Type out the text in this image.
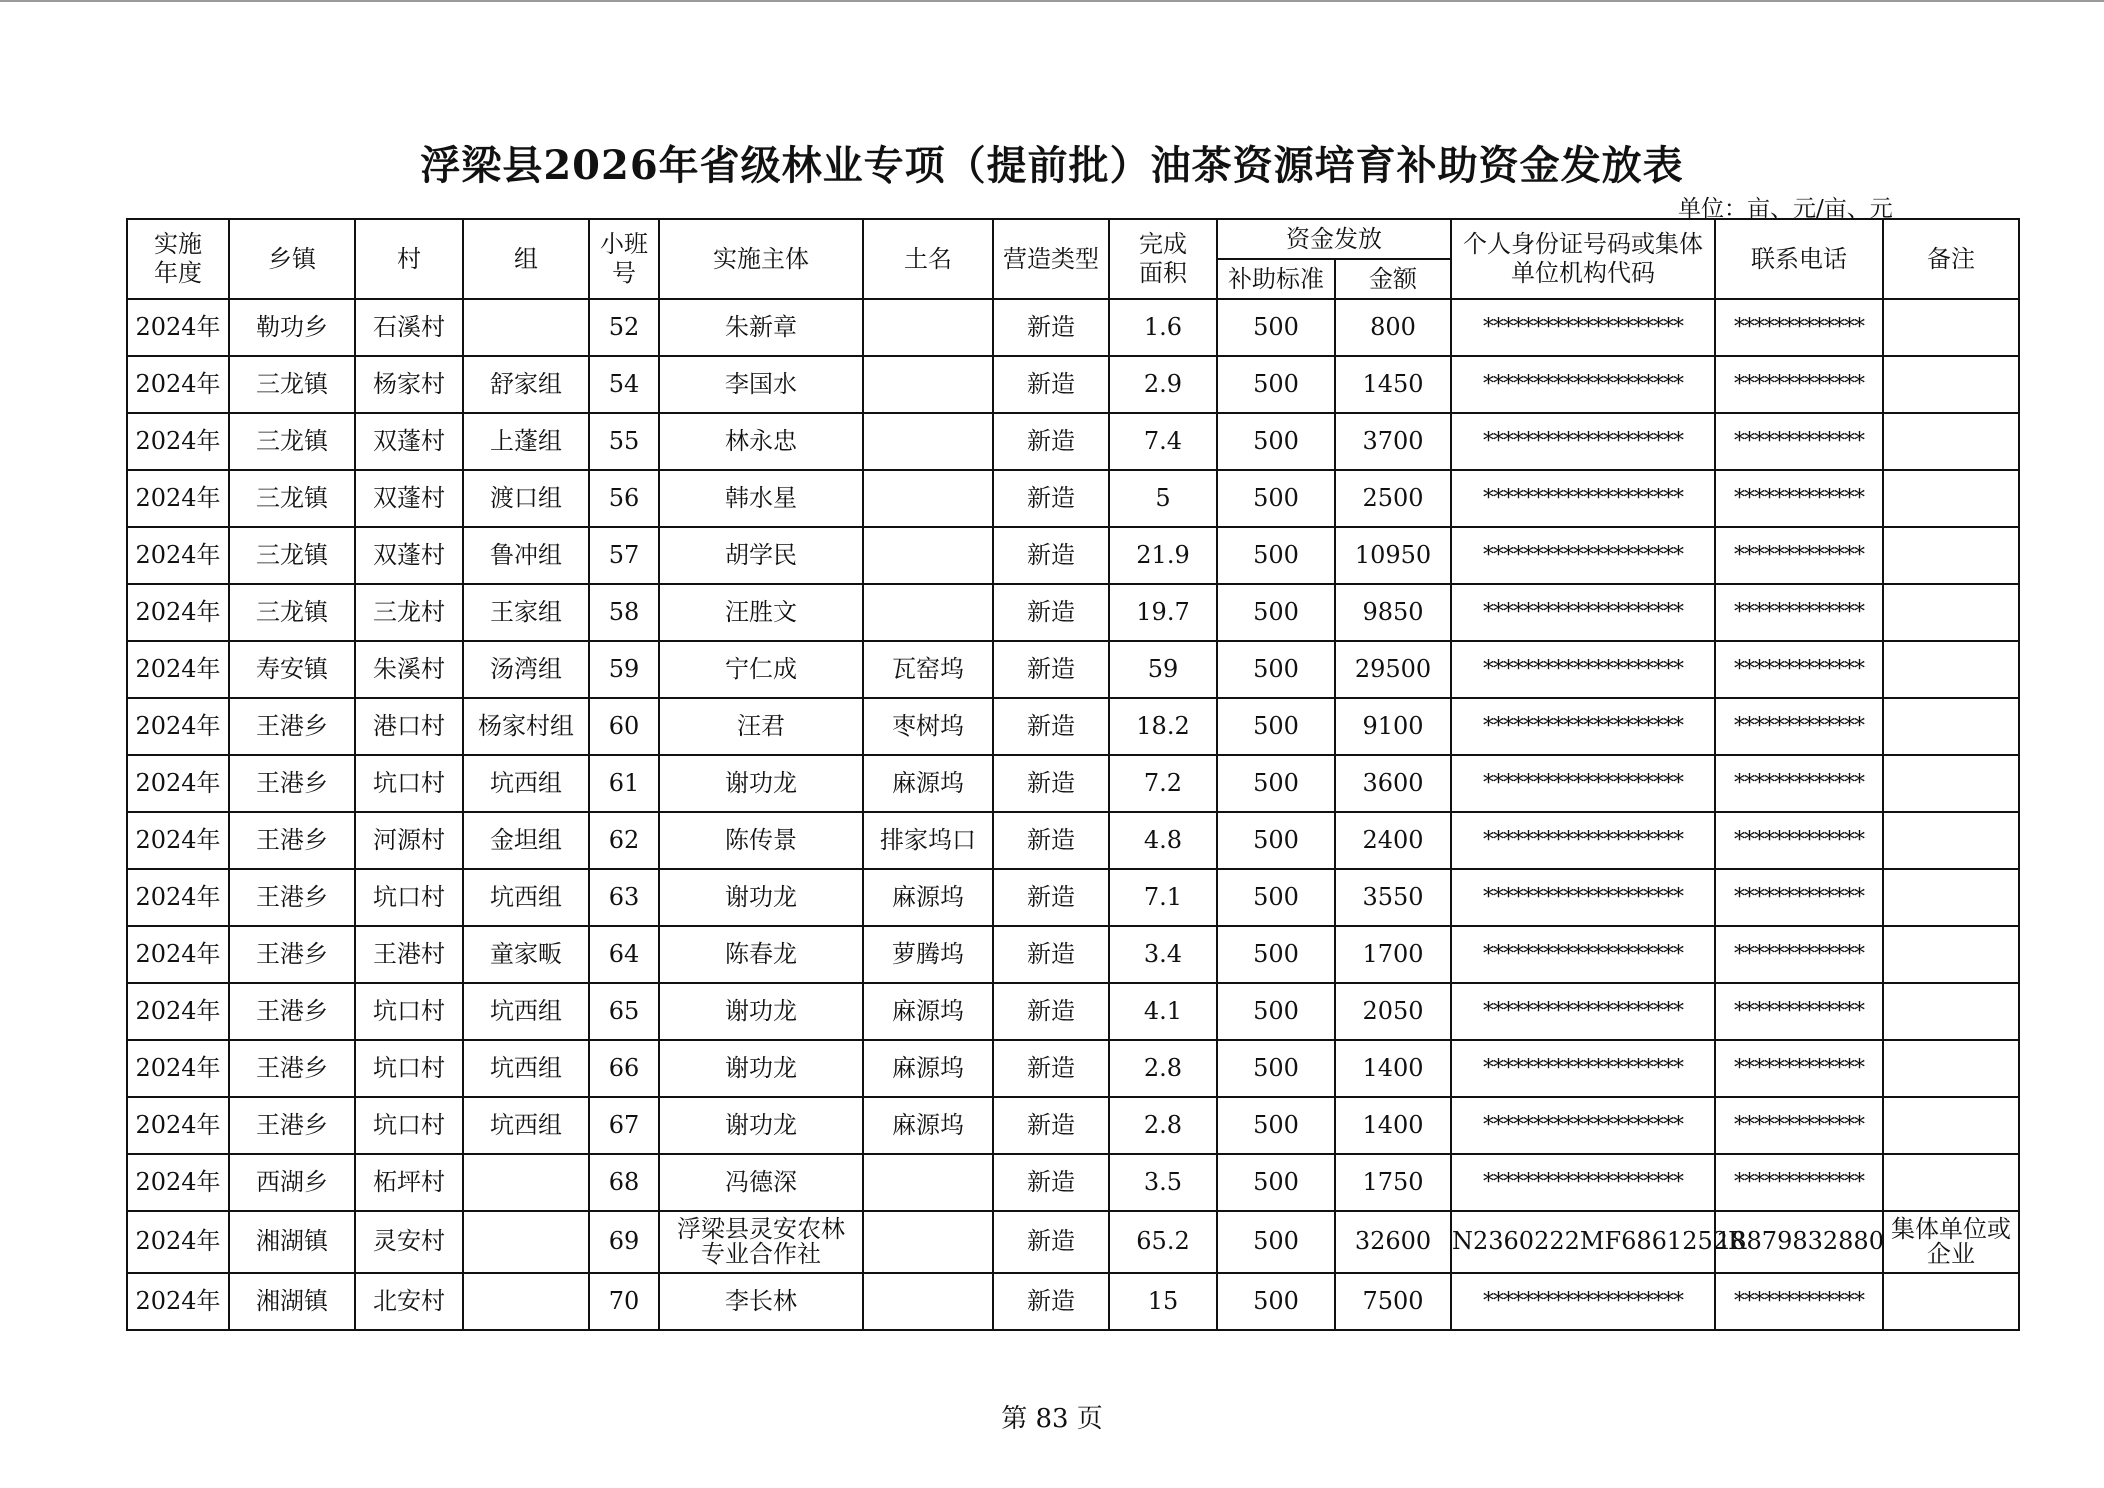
浮梁县2026年省级林业专项（提前批）油茶资源培育补助资金发放表
单位：亩、元/亩、元
实施年度	乡镇	村	组	小班号	实施主体	土名	营造类型	完成面积	资金发放		个人身份证号码或集体单位机构代码	联系电话	备注
									补助标准	金额			
2024年	勒功乡	石溪村		52	朱新章		新造	1.6	500	800	********************	*************	
2024年	三龙镇	杨家村	舒家组	54	李国水		新造	2.9	500	1450	********************	*************	
2024年	三龙镇	双蓬村	上蓬组	55	林永忠		新造	7.4	500	3700	********************	*************	
2024年	三龙镇	双蓬村	渡口组	56	韩水星		新造	5	500	2500	********************	*************	
2024年	三龙镇	双蓬村	鲁冲组	57	胡学民		新造	21.9	500	10950	********************	*************	
2024年	三龙镇	三龙村	王家组	58	汪胜文		新造	19.7	500	9850	********************	*************	
2024年	寿安镇	朱溪村	汤湾组	59	宁仁成	瓦窑坞	新造	59	500	29500	********************	*************	
2024年	王港乡	港口村	杨家村组	60	汪君	枣树坞	新造	18.2	500	9100	********************	*************	
2024年	王港乡	坑口村	坑西组	61	谢功龙	麻源坞	新造	7.2	500	3600	********************	*************	
2024年	王港乡	河源村	金坦组	62	陈传景	排家坞口	新造	4.8	500	2400	********************	*************	
2024年	王港乡	坑口村	坑西组	63	谢功龙	麻源坞	新造	7.1	500	3550	********************	*************	
2024年	王港乡	王港村	童家畈	64	陈春龙	萝腾坞	新造	3.4	500	1700	********************	*************	
2024年	王港乡	坑口村	坑西组	65	谢功龙	麻源坞	新造	4.1	500	2050	********************	*************	
2024年	王港乡	坑口村	坑西组	66	谢功龙	麻源坞	新造	2.8	500	1400	********************	*************	
2024年	王港乡	坑口村	坑西组	67	谢功龙	麻源坞	新造	2.8	500	1400	********************	*************	
2024年	西湖乡	柘坪村		68	冯德深		新造	3.5	500	1750	********************	*************	
2024年	湘湖镇	灵安村		69	浮梁县灵安农林专业合作社		新造	65.2	500	32600	N2360222MF6861252R	18879832880	集体单位或企业
2024年	湘湖镇	北安村		70	李长林		新造	15	500	7500	********************	*************	
第 83 页
